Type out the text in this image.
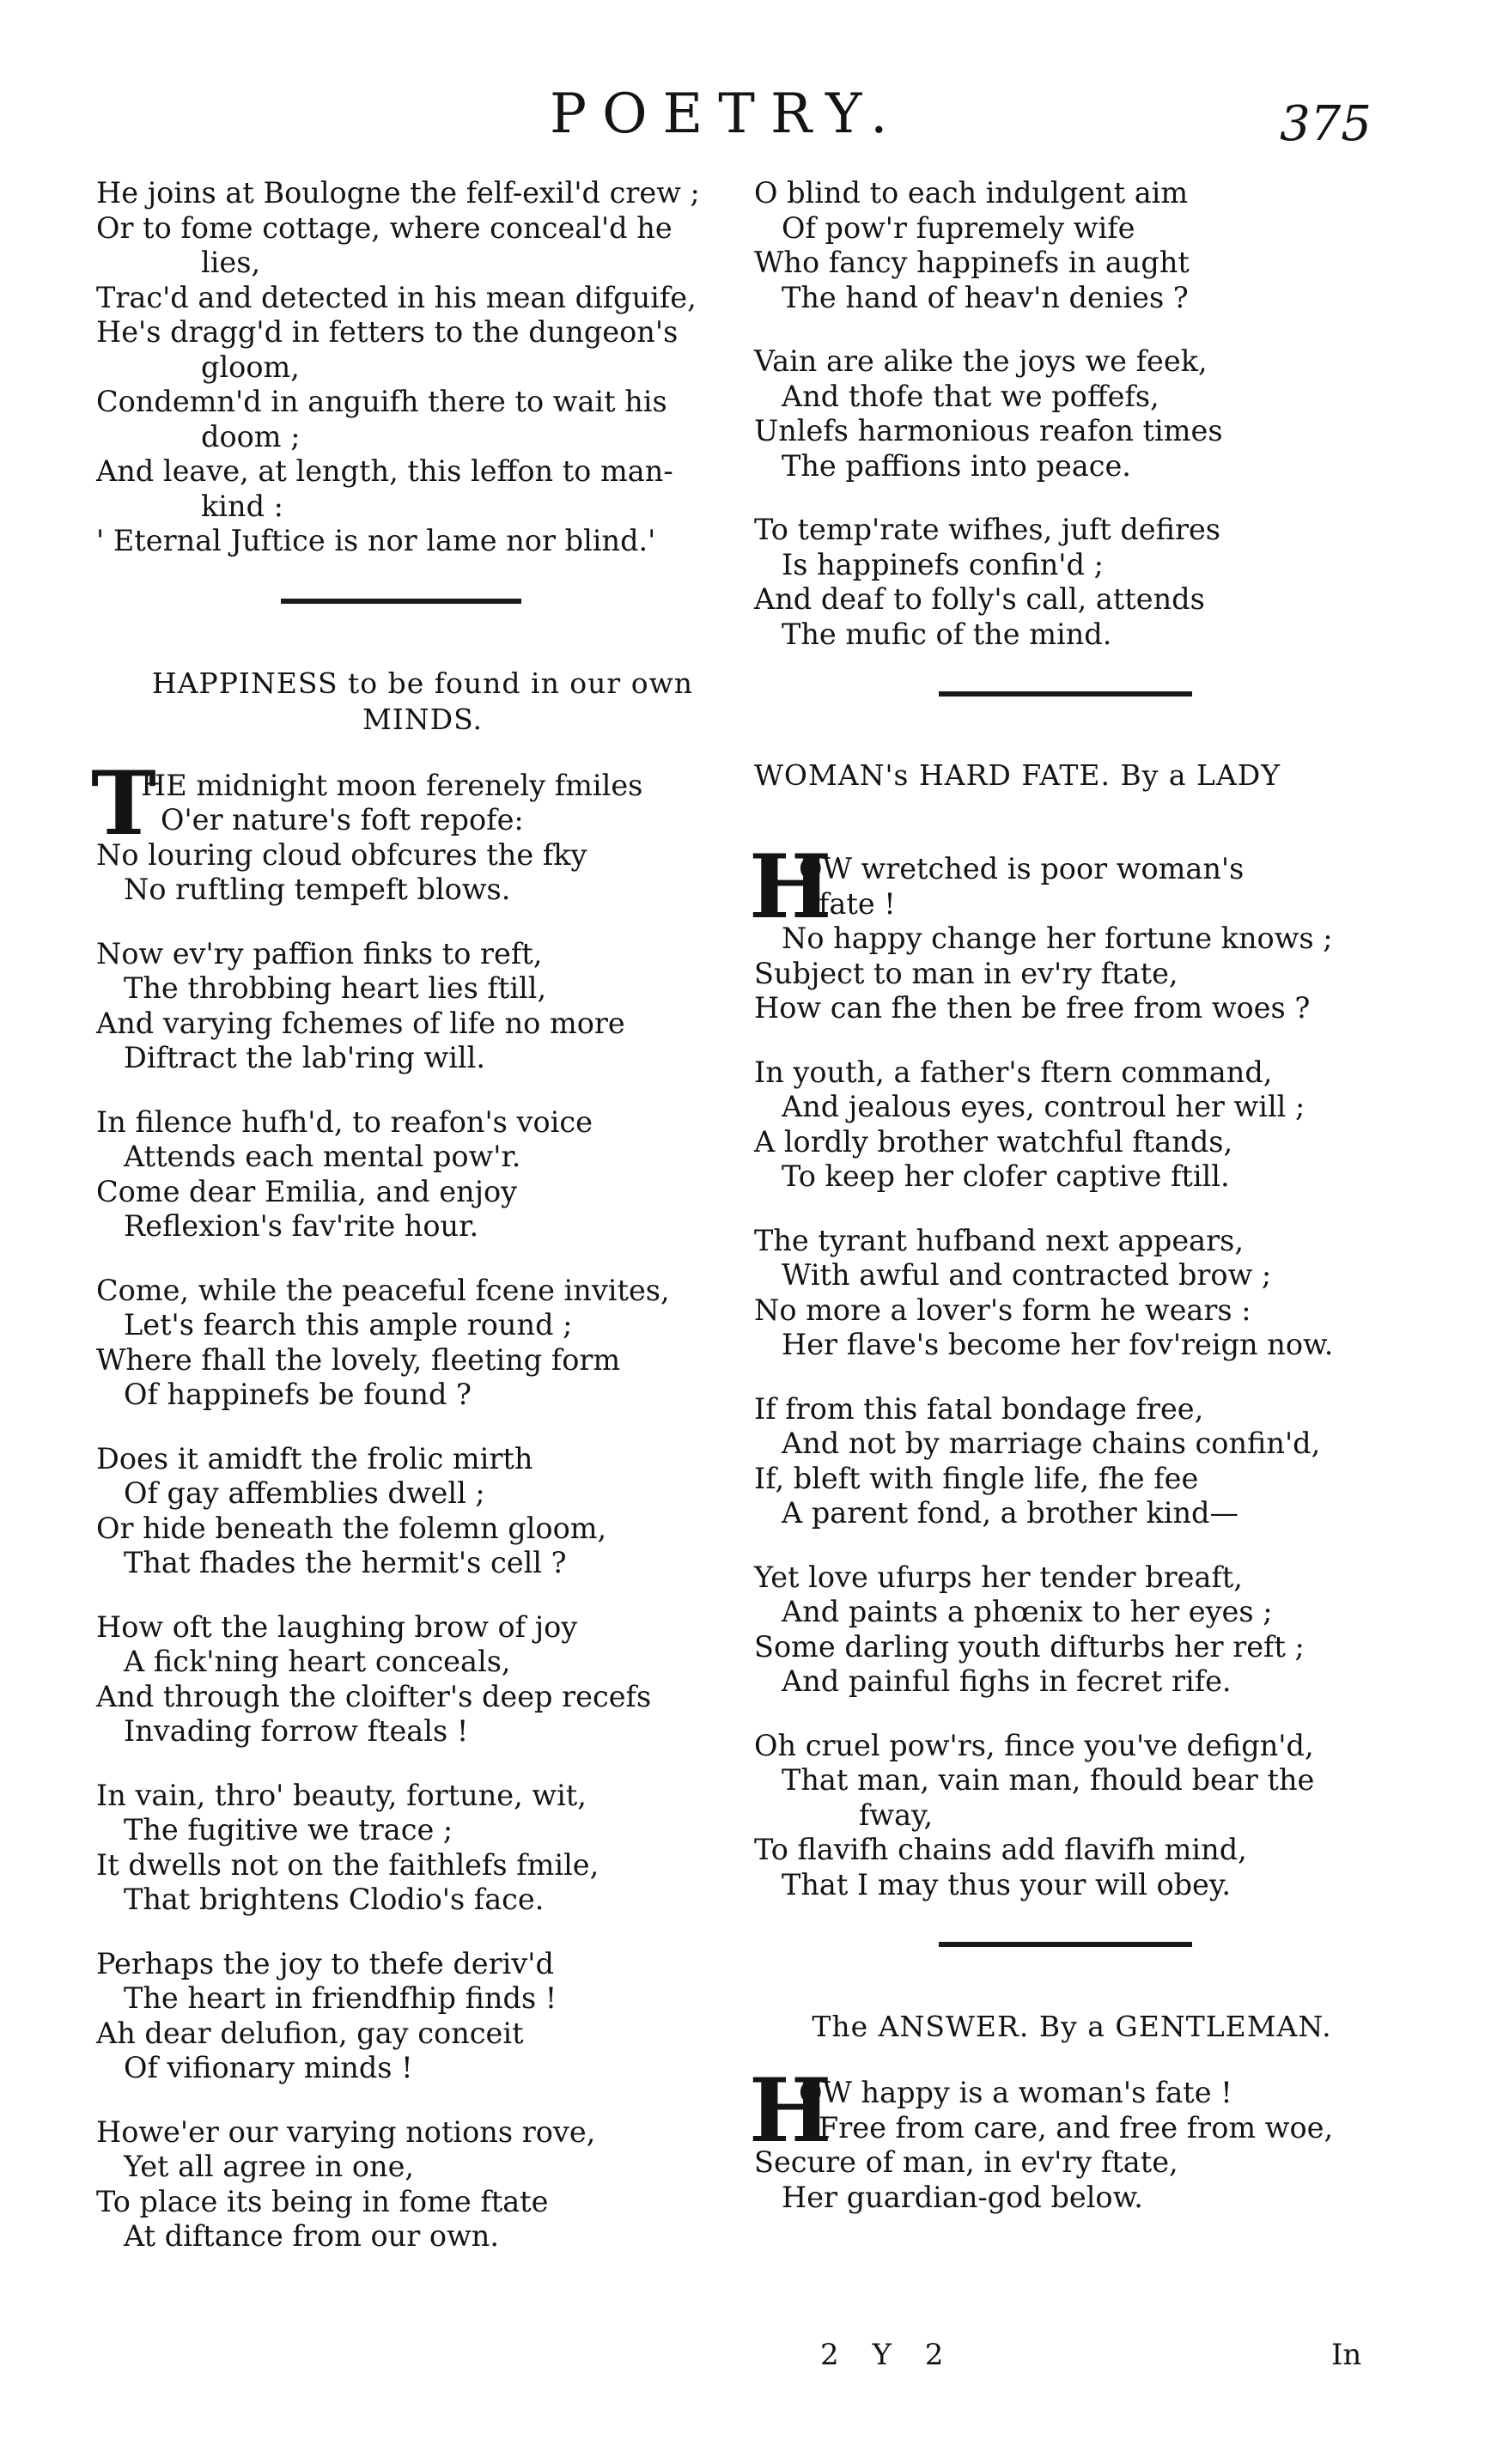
POETRY.	375
He joins at Boulogne the felf-exil'd crew ;
Or to fome cottage, where conceal'd he
lies,
Trac'd and detected in his mean difguife,
He's dragg'd in fetters to the dungeon's
gloom,
Condemn'd in anguifh there to wait his
doom ;
And leave, at length, this leffon to man-
kind :
' Eternal Juftice is nor lame nor blind.'
HAPPINESS to be found in our own MINDS.
T
HE midnight moon ferenely fmiles
O'er nature's foft repofe:
No louring cloud obfcures the fky
No ruftling tempeft blows.
Now ev'ry paffion finks to reft,
The throbbing heart lies ftill,
And varying fchemes of life no more
Diftract the lab'ring will.
In filence hufh'd, to reafon's voice
Attends each mental pow'r.
Come dear Emilia, and enjoy
Reflexion's fav'rite hour.
Come, while the peaceful fcene invites,
Let's fearch this ample round ;
Where fhall the lovely, fleeting form
Of happinefs be found ?
Does it amidft the frolic mirth
Of gay affemblies dwell ;
Or hide beneath the folemn gloom,
That fhades the hermit's cell ?
How oft the laughing brow of joy
A fick'ning heart conceals,
And through the cloifter's deep recefs
Invading forrow fteals !
In vain, thro' beauty, fortune, wit,
The fugitive we trace ;
It dwells not on the faithlefs fmile,
That brightens Clodio's face.
Perhaps the joy to thefe deriv'd
The heart in friendfhip finds !
Ah dear delufion, gay conceit
Of vifionary minds !
Howe'er our varying notions rove,
Yet all agree in one,
To place its being in fome ftate
At diftance from our own.
O blind to each indulgent aim
Of pow'r fupremely wife
Who fancy happinefs in aught
The hand of heav'n denies ?
Vain are alike the joys we feek,
And thofe that we poffefs,
Unlefs harmonious reafon times
The paffions into peace.
To temp'rate wifhes, juft defires
Is happinefs confin'd ;
And deaf to folly's call, attends
The mufic of the mind.
WOMAN's HARD FATE. By a LADY
H
OW wretched is poor woman's
fate !
No happy change her fortune knows ;
Subject to man in ev'ry ftate,
How can fhe then be free from woes ?
In youth, a father's ftern command,
And jealous eyes, controul her will ;
A lordly brother watchful ftands,
To keep her clofer captive ftill.
The tyrant hufband next appears,
With awful and contracted brow ;
No more a lover's form he wears :
Her flave's become her fov'reign now.
If from this fatal bondage free,
And not by marriage chains confin'd,
If, bleft with fingle life, fhe fee
A parent fond, a brother kind—
Yet love ufurps her tender breaft,
And paints a phœnix to her eyes ;
Some darling youth difturbs her reft ;
And painful fighs in fecret rife.
Oh cruel pow'rs, fince you've defign'd,
That man, vain man, fhould bear the
fway,
To flavifh chains add flavifh mind,
That I may thus your will obey.
The ANSWER. By a GENTLEMAN.
H
OW happy is a woman's fate !
Free from care, and free from woe,
Secure of man, in ev'ry ftate,
Her guardian-god below.
2 Y 2	In
